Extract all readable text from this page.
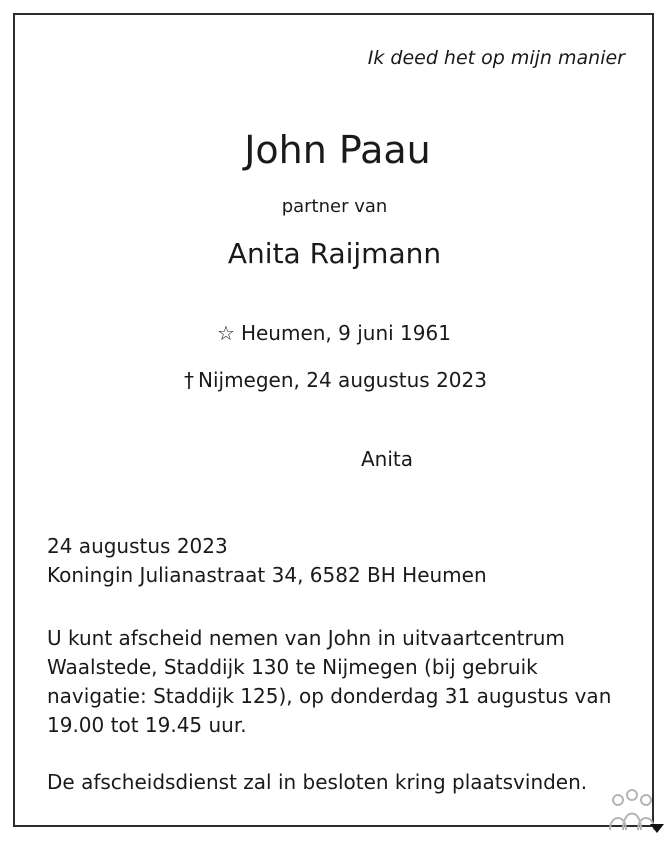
Ik deed het op mijn manier
John Paau
partner van
Anita Raijmann
☆ Heumen, 9 juni 1961
† Nijmegen, 24 augustus 2023
Anita
24 augustus 2023
Koningin Julianastraat 34, 6582 BH Heumen
U kunt afscheid nemen van John in uitvaartcentrum
Waalstede, Staddijk 130 te Nijmegen (bij gebruik
navigatie: Staddijk 125), op donderdag 31 augustus van
19.00 tot 19.45 uur.
De afscheidsdienst zal in besloten kring plaatsvinden.
